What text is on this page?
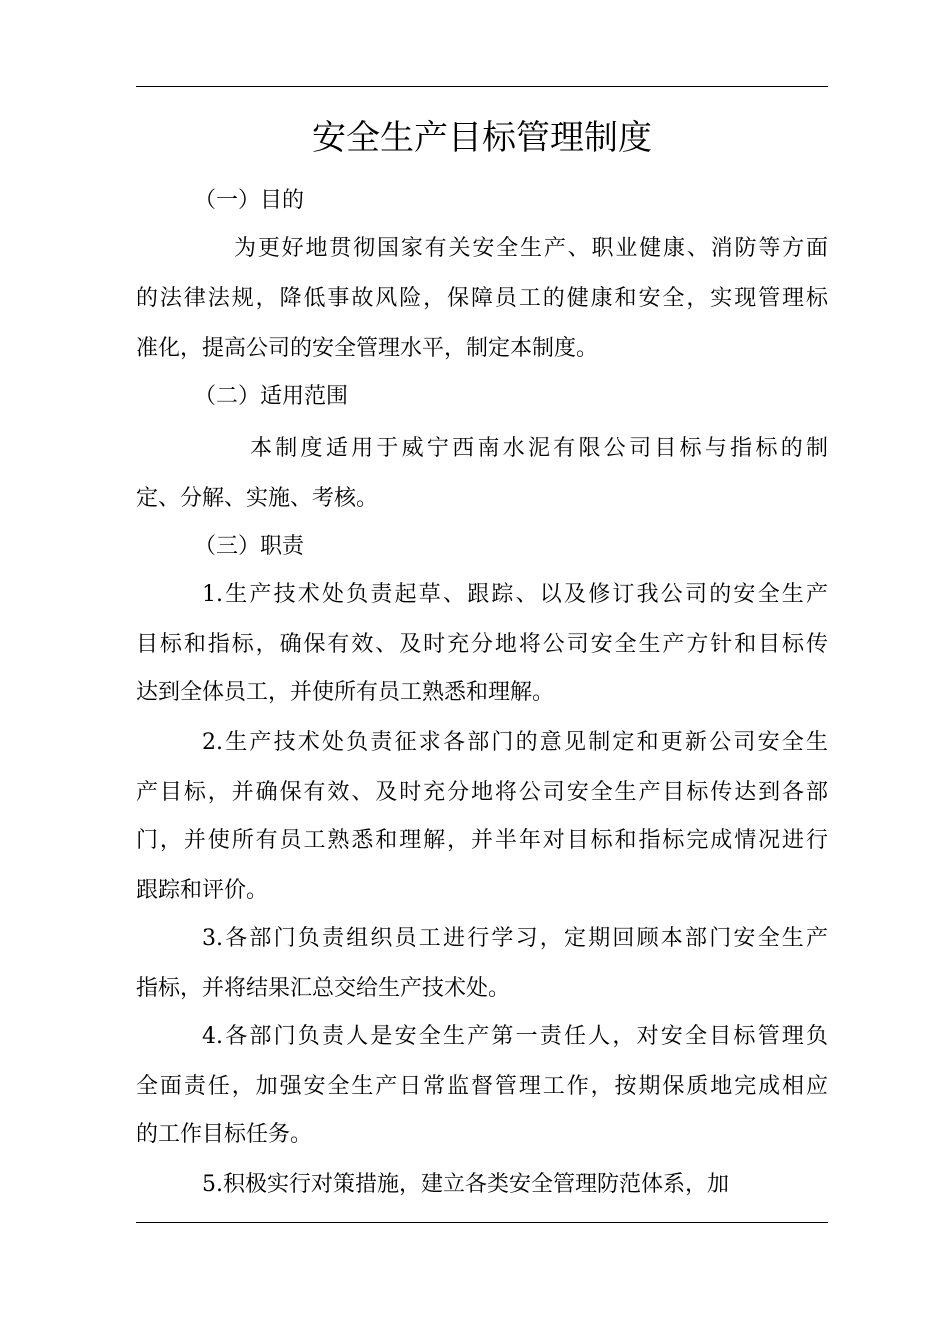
安全生产目标管理制度
（一）目的
为更好地贯彻国家有关安全生产、职业健康、消防等方面
的法律法规，降低事故风险，保障员工的健康和安全，实现管理标
准化，提高公司的安全管理水平，制定本制度。
（二）适用范围
本制度适用于威宁西南水泥有限公司目标与指标的制
定、分解、实施、考核。
（三）职责
1.生产技术处负责起草、跟踪、以及修订我公司的安全生产
目标和指标，确保有效、及时充分地将公司安全生产方针和目标传
达到全体员工，并使所有员工熟悉和理解。
2.生产技术处负责征求各部门的意见制定和更新公司安全生
产目标，并确保有效、及时充分地将公司安全生产目标传达到各部
门，并使所有员工熟悉和理解，并半年对目标和指标完成情况进行
跟踪和评价。
3.各部门负责组织员工进行学习，定期回顾本部门安全生产
指标，并将结果汇总交给生产技术处。
4.各部门负责人是安全生产第一责任人，对安全目标管理负
全面责任，加强安全生产日常监督管理工作，按期保质地完成相应
的工作目标任务。
5.积极实行对策措施，建立各类安全管理防范体系，加
